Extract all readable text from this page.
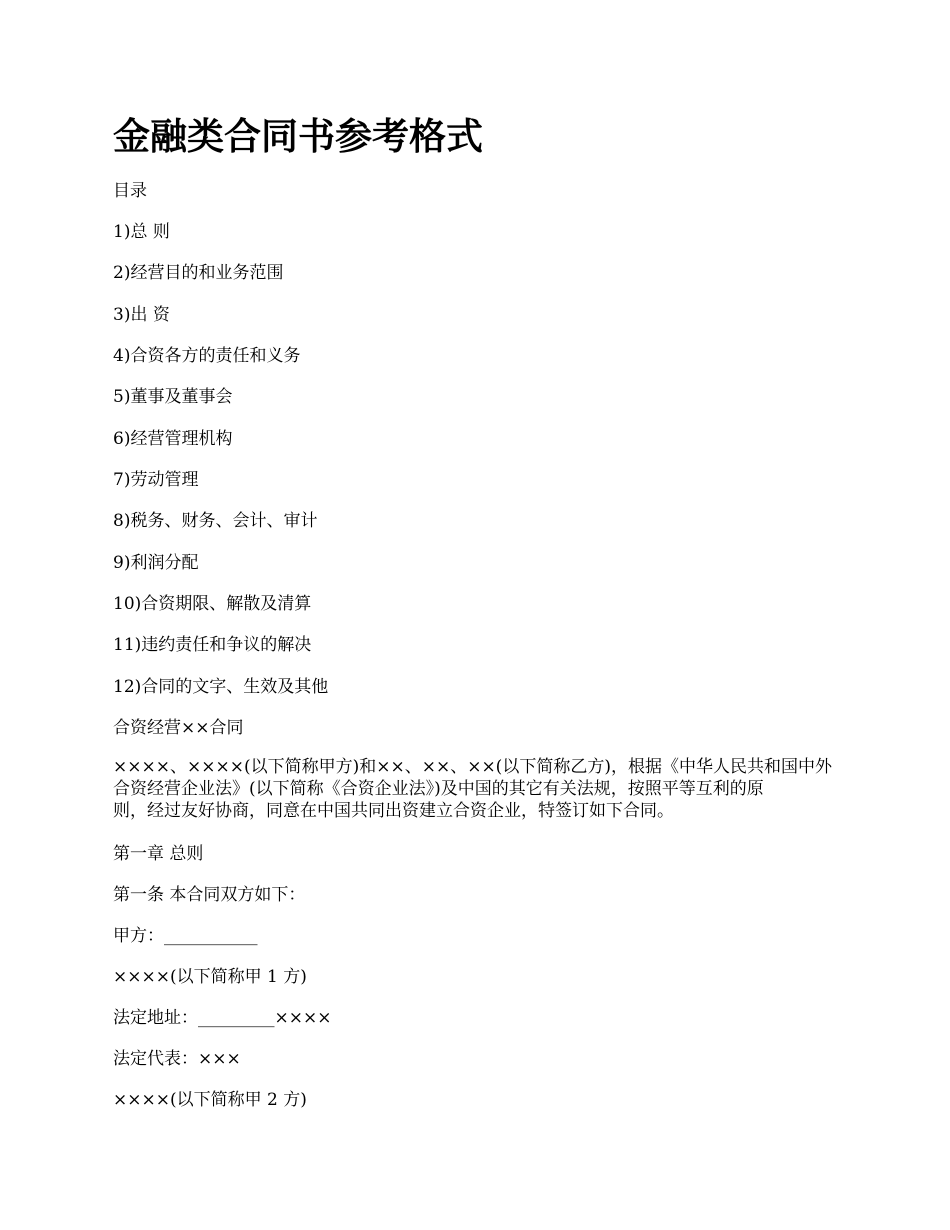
金融类合同书参考格式

目录

1)总 则

2)经营目的和业务范围

3)出 资

4)合资各方的责任和义务

5)董事及董事会

6)经营管理机构

7)劳动管理

8)税务、财务、会计、审计

9)利润分配

10)合资期限、解散及清算

11)违约责任和争议的解决

12)合同的文字、生效及其他

合资经营××合同

××××、××××(以下简称甲方)和××、××、××(以下简称乙方)，根据《中华人民共和国中外
合资经营企业法》(以下简称《合资企业法》)及中国的其它有关法规，按照平等互利的原
则，经过友好协商，同意在中国共同出资建立合资企业，特签订如下合同。

第一章 总则

第一条 本合同双方如下：

甲方：___________

××××(以下简称甲 1 方)

法定地址：_________××××

法定代表：×××

××××(以下简称甲 2 方)
